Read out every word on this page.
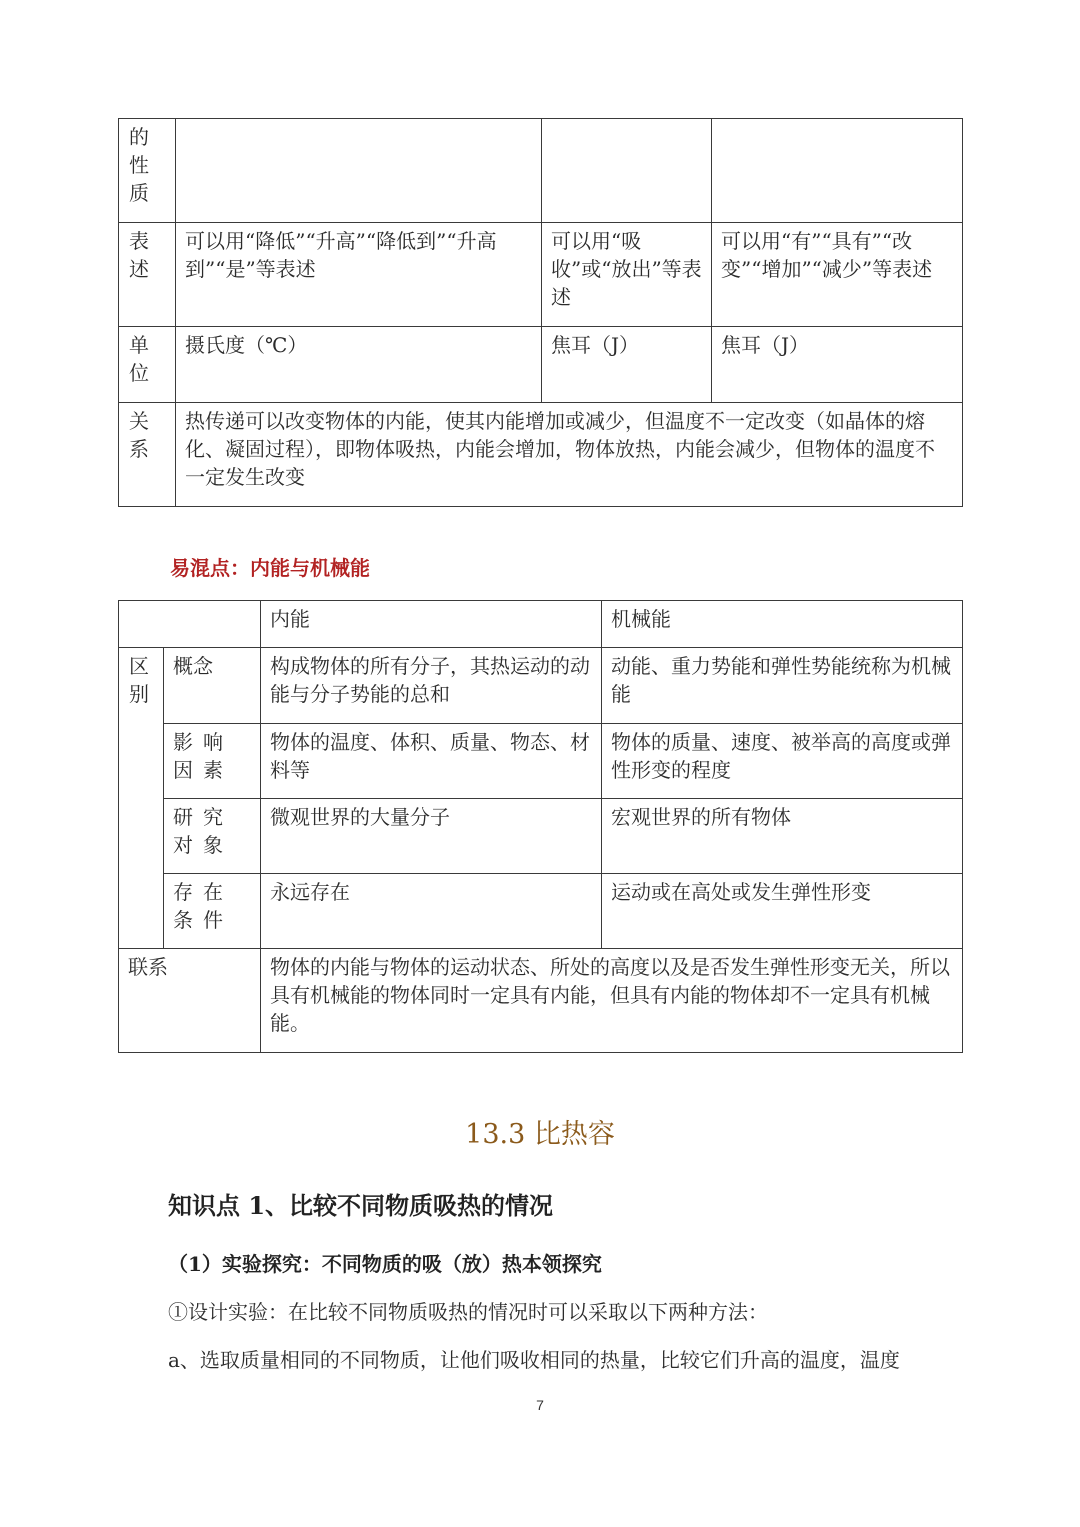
的性质			
表述	可以用“降低”“升高”“降低到”“升高到”“是”等表述	可以用“吸收”或“放出”等表述	可以用“有”“具有”“改变”“增加”“减少”等表述
单位	摄氏度（℃）	焦耳（J）	焦耳（J）
关系	热传递可以改变物体的内能，使其内能增加或减少，但温度不一定改变（如晶体的熔化、凝固过程），即物体吸热，内能会增加，物体放热，内能会减少，但物体的温度不一定发生改变		
易混点：内能与机械能
		内能	机械能
区别	概念	构成物体的所有分子，其热运动的动能与分子势能的总和	动能、重力势能和弹性势能统称为机械能
	影响因素	物体的温度、体积、质量、物态、材料等	物体的质量、速度、被举高的高度或弹性形变的程度
	研究对象	微观世界的大量分子	宏观世界的所有物体
	存在条件	永远存在	运动或在高处或发生弹性形变
联系		物体的内能与物体的运动状态、所处的高度以及是否发生弹性形变无关，所以具有机械能的物体同时一定具有内能，但具有内能的物体却不一定具有机械能。	
13.3 比热容
知识点 1、比较不同物质吸热的情况
（1）实验探究：不同物质的吸（放）热本领探究
①设计实验：在比较不同物质吸热的情况时可以采取以下两种方法：
a、选取质量相同的不同物质，让他们吸收相同的热量，比较它们升高的温度，温度
7
